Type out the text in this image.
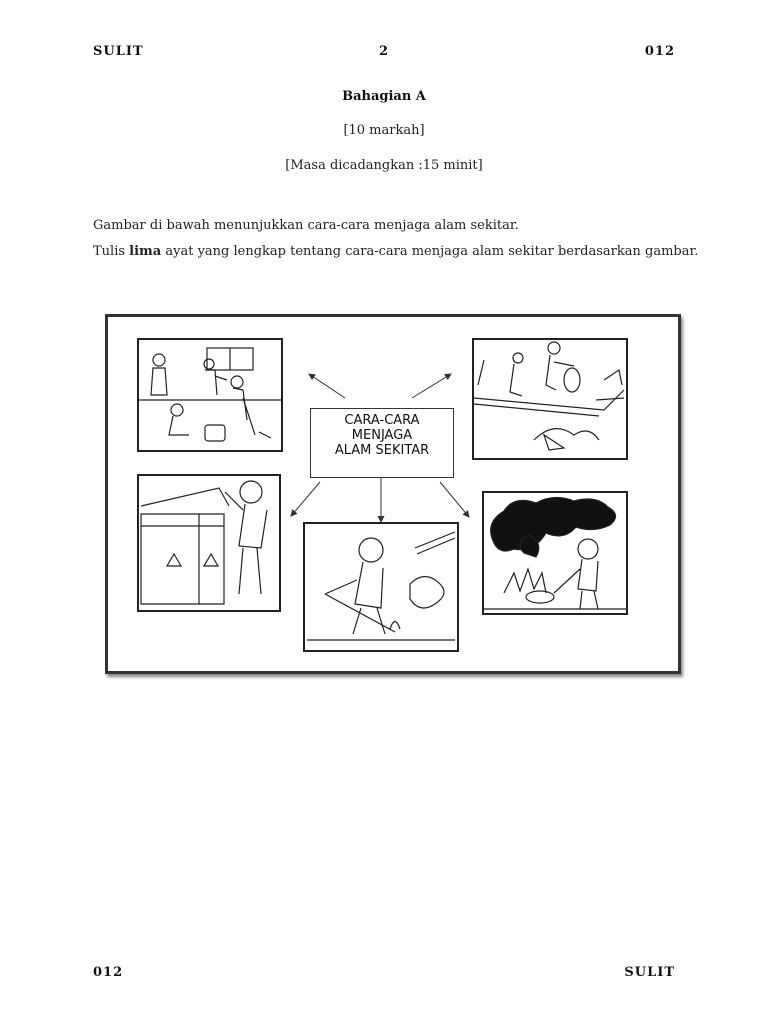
SULIT	2	012
Bahagian A
[10 markah]
[Masa dicadangkan :15 minit]
Gambar di bawah menunjukkan cara-cara menjaga alam sekitar.
Tulis lima ayat yang lengkap tentang cara-cara menjaga alam sekitar berdasarkan gambar.
CARA-CARA
MENJAGA
ALAM SEKITAR
012	SULIT
